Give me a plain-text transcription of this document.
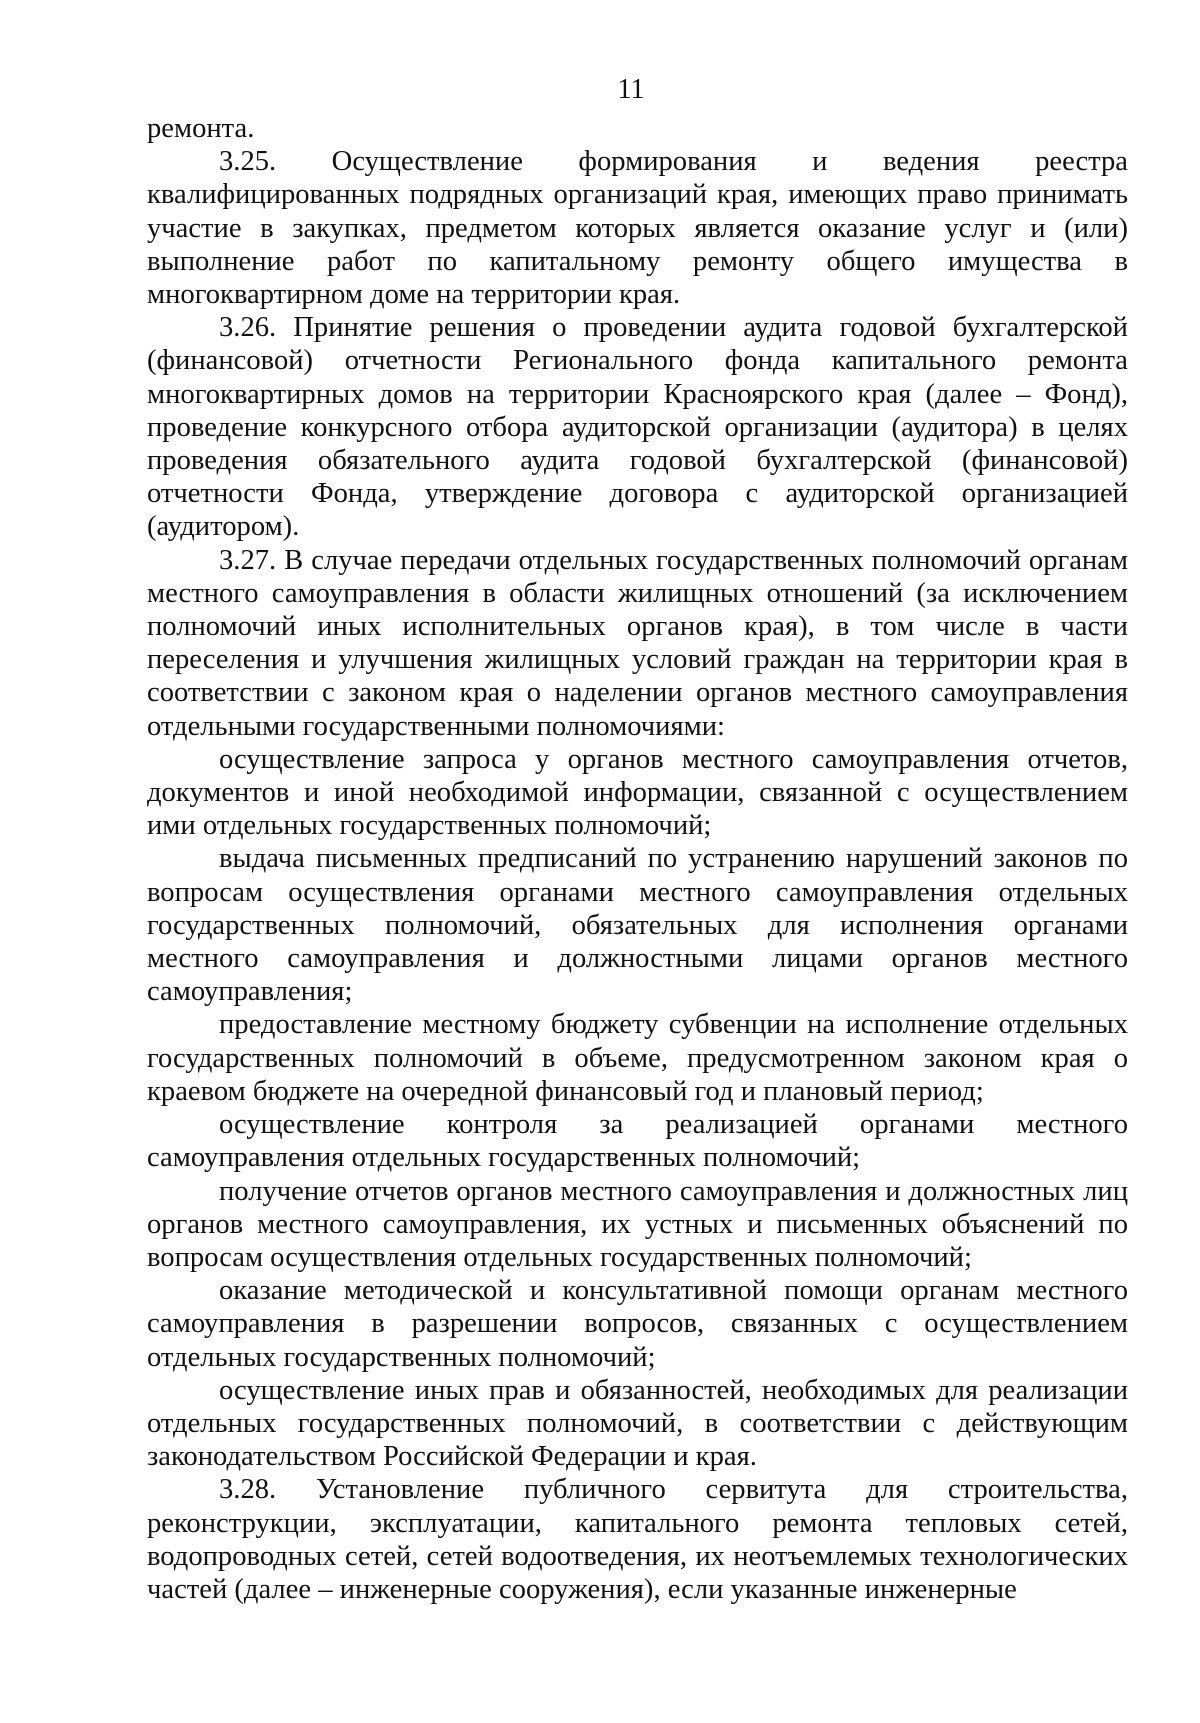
11

ремонта.

3.25. Осуществление формирования и ведения реестра квалифицированных подрядных организаций края, имеющих право принимать участие в закупках, предметом которых является оказание услуг и (или) выполнение работ по капитальному ремонту общего имущества в многоквартирном доме на территории края.

3.26. Принятие решения о проведении аудита годовой бухгалтерской (финансовой) отчетности Регионального фонда капитального ремонта многоквартирных домов на территории Красноярского края (далее – Фонд), проведение конкурсного отбора аудиторской организации (аудитора) в целях проведения обязательного аудита годовой бухгалтерской (финансовой) отчетности Фонда, утверждение договора с аудиторской организацией (аудитором).

3.27. В случае передачи отдельных государственных полномочий органам местного самоуправления в области жилищных отношений (за исключением полномочий иных исполнительных органов края), в том числе в части переселения и улучшения жилищных условий граждан на территории края в соответствии с законом края о наделении органов местного самоуправления отдельными государственными полномочиями:

осуществление запроса у органов местного самоуправления отчетов, документов и иной необходимой информации, связанной с осуществлением ими отдельных государственных полномочий;

выдача письменных предписаний по устранению нарушений законов по вопросам осуществления органами местного самоуправления отдельных государственных полномочий, обязательных для исполнения органами местного самоуправления и должностными лицами органов местного самоуправления;

предоставление местному бюджету субвенции на исполнение отдельных государственных полномочий в объеме, предусмотренном законом края о краевом бюджете на очередной финансовый год и плановый период;

осуществление контроля за реализацией органами местного самоуправления отдельных государственных полномочий;

получение отчетов органов местного самоуправления и должностных лиц органов местного самоуправления, их устных и письменных объяснений по вопросам осуществления отдельных государственных полномочий;

оказание методической и консультативной помощи органам местного самоуправления в разрешении вопросов, связанных с осуществлением отдельных государственных полномочий;

осуществление иных прав и обязанностей, необходимых для реализации отдельных государственных полномочий, в соответствии с действующим законодательством Российской Федерации и края.

3.28. Установление публичного сервитута для строительства, реконструкции, эксплуатации, капитального ремонта тепловых сетей, водопроводных сетей, сетей водоотведения, их неотъемлемых технологических частей (далее – инженерные сооружения), если указанные инженерные
